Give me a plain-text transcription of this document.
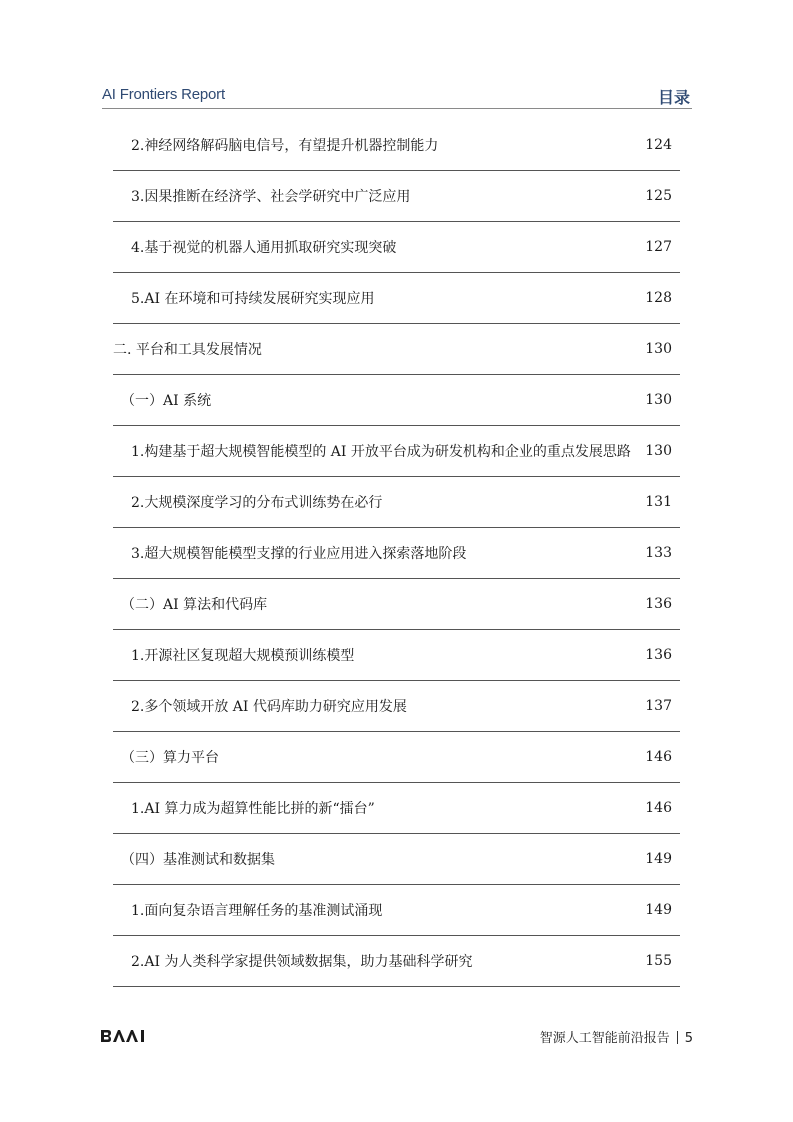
AI Frontiers Report	目录
2.神经网络解码脑电信号，有望提升机器控制能力	124
3.因果推断在经济学、社会学研究中广泛应用	125
4.基于视觉的机器人通用抓取研究实现突破	127
5.AI 在环境和可持续发展研究实现应用	128
二. 平台和工具发展情况	130
（一）AI 系统	130
1.构建基于超大规模智能模型的 AI 开放平台成为研发机构和企业的重点发展思路 130
2.大规模深度学习的分布式训练势在必行	131
3.超大规模智能模型支撑的行业应用进入探索落地阶段	133
（二）AI 算法和代码库	136
1.开源社区复现超大规模预训练模型	136
2.多个领域开放 AI 代码库助力研究应用发展	137
（三）算力平台	146
1.AI 算力成为超算性能比拼的新“擂台”	146
（四）基准测试和数据集	149
1.面向复杂语言理解任务的基准测试涌现	149
2.AI 为人类科学家提供领域数据集，助力基础科学研究	155
智源人工智能前沿报告 5
